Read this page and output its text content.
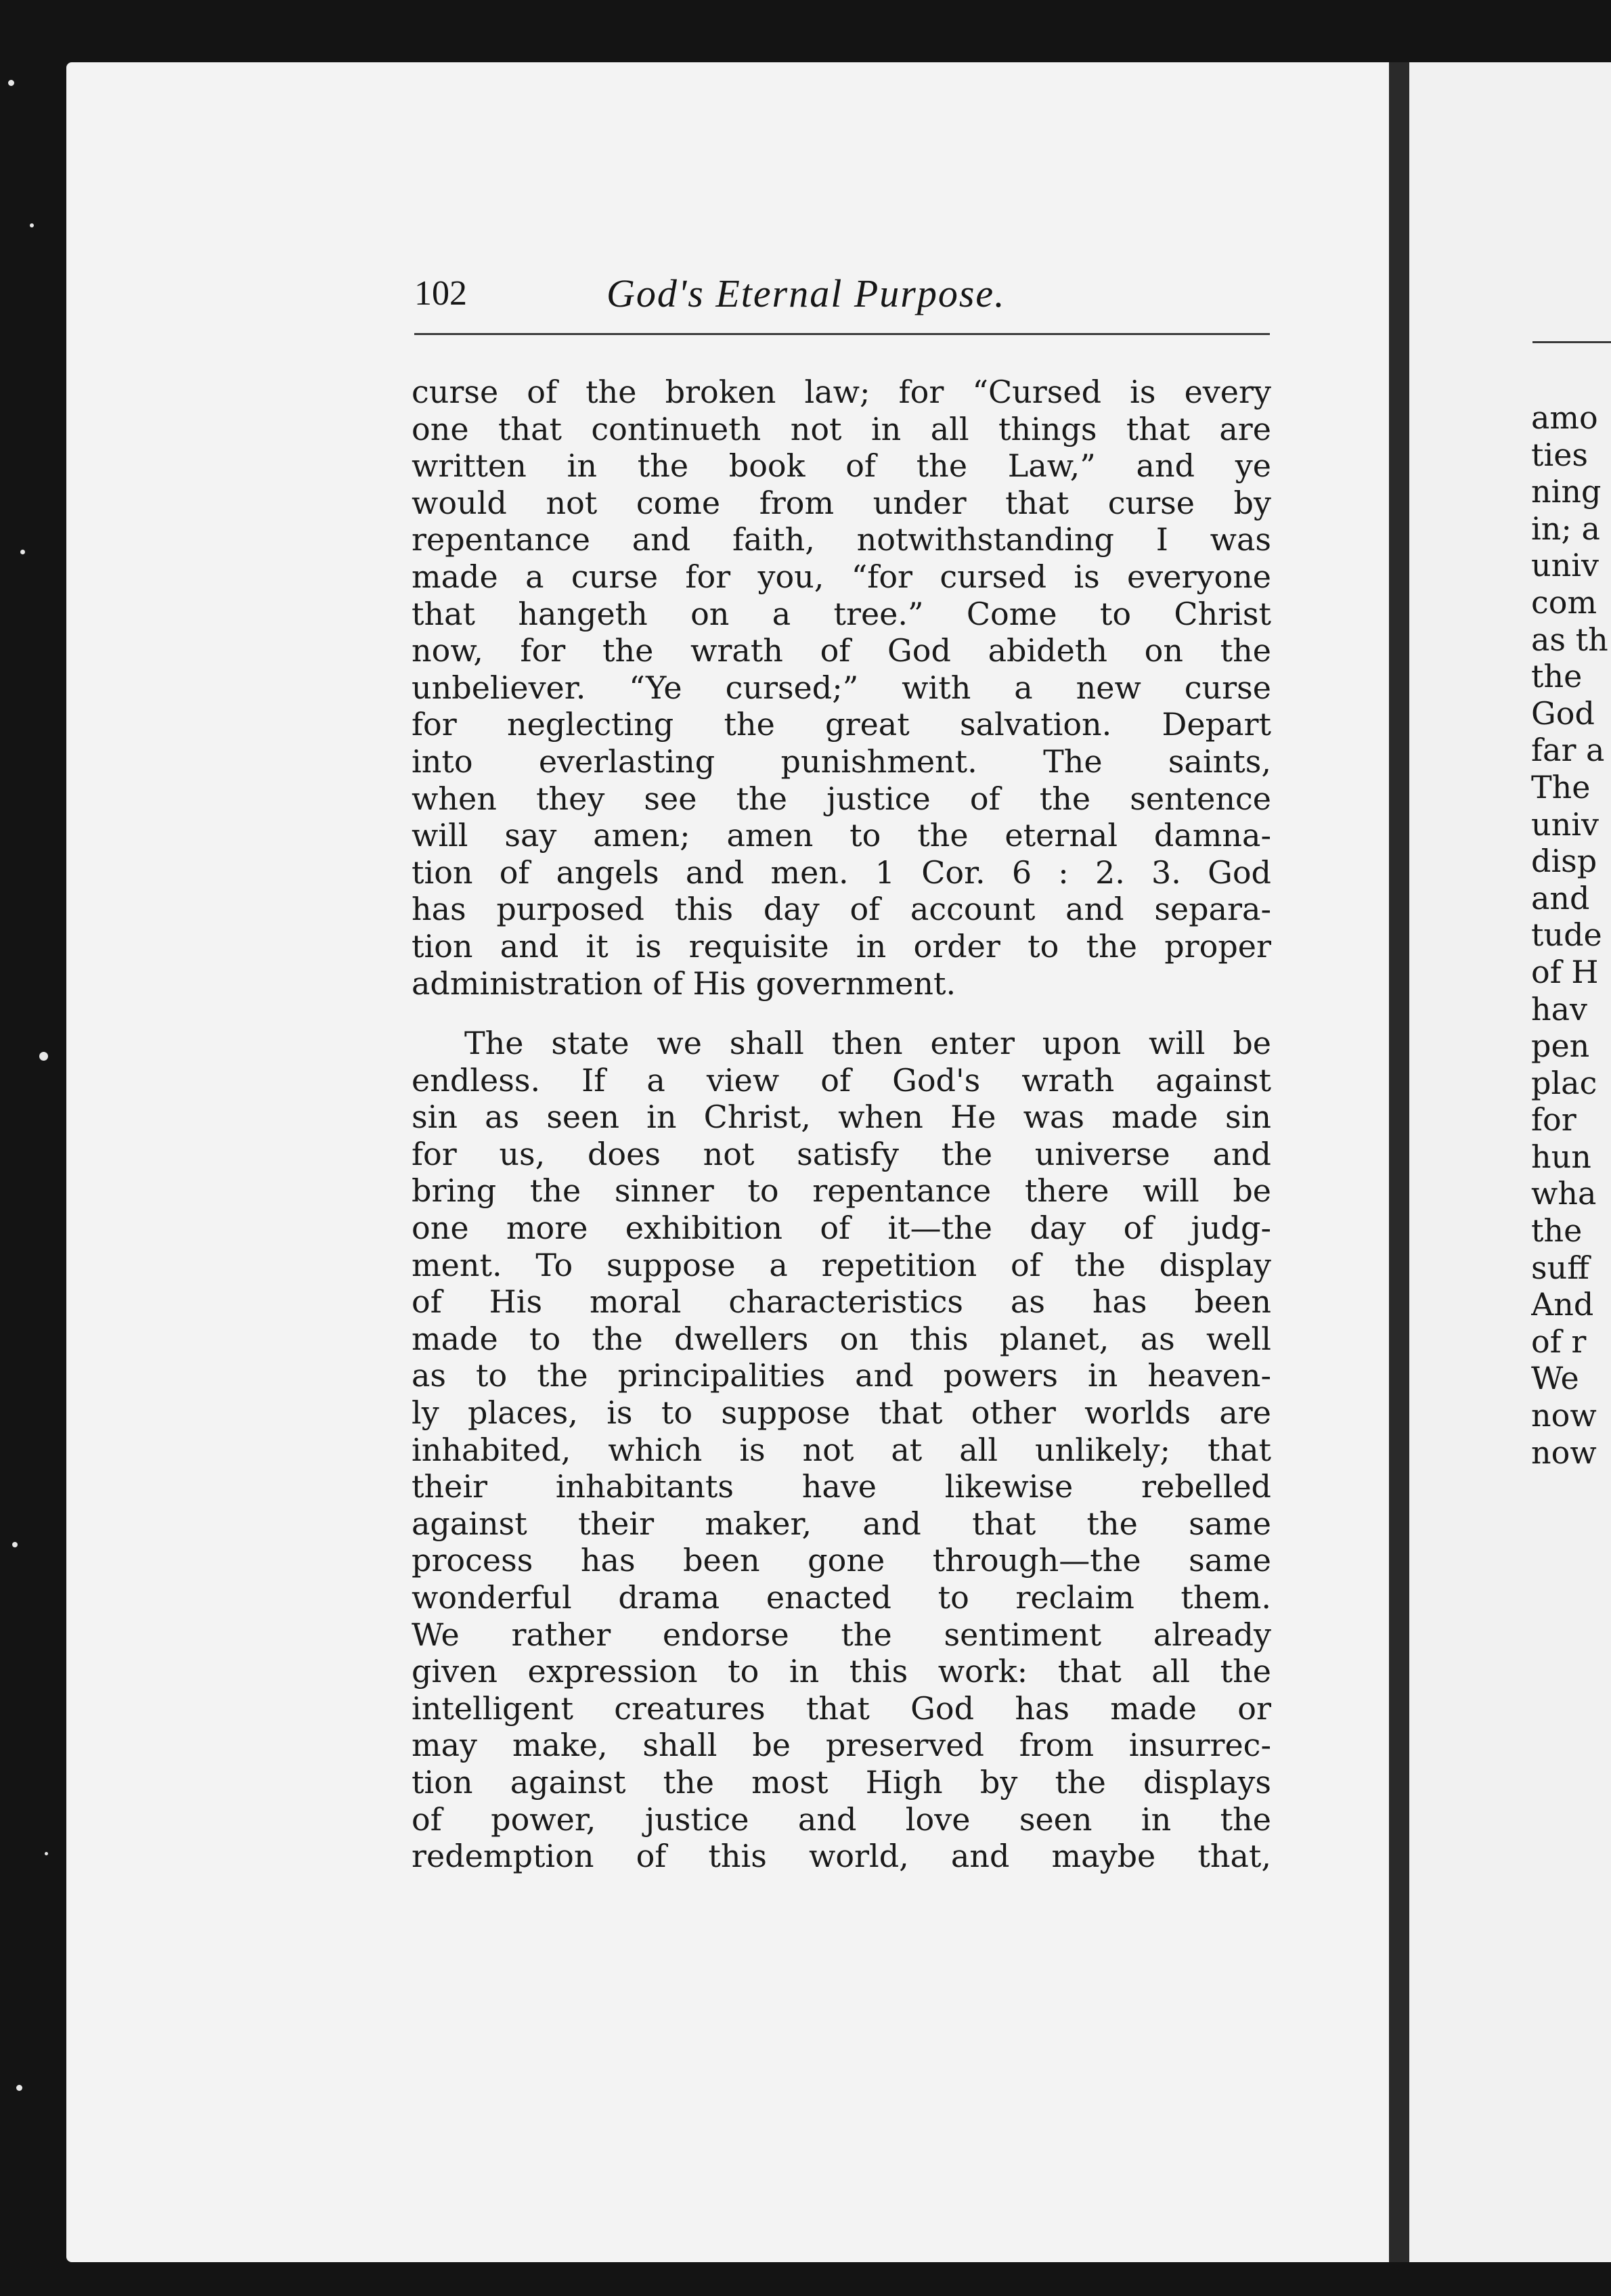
102	God's Eternal Purpose.
curse of the broken law; for “Cursed is every
one that continueth not in all things that are
written in the book of the Law,” and ye
would not come from under that curse by
repentance and faith, notwithstanding I was
made a curse for you, “for cursed is everyone
that hangeth on a tree.” Come to Christ
now, for the wrath of God abideth on the
unbeliever. “Ye cursed;” with a new curse
for neglecting the great salvation. Depart
into everlasting punishment. The saints,
when they see the justice of the sentence
will say amen; amen to the eternal damna-
tion of angels and men. 1 Cor. 6 : 2. 3. God
has purposed this day of account and separa-
tion and it is requisite in order to the proper
administration of His government.
The state we shall then enter upon will be
endless. If a view of God's wrath against
sin as seen in Christ, when He was made sin
for us, does not satisfy the universe and
bring the sinner to repentance there will be
one more exhibition of it—the day of judg-
ment. To suppose a repetition of the display
of His moral characteristics as has been
made to the dwellers on this planet, as well
as to the principalities and powers in heaven-
ly places, is to suppose that other worlds are
inhabited, which is not at all unlikely; that
their inhabitants have likewise rebelled
against their maker, and that the same
process has been gone through—the same
wonderful drama enacted to reclaim them.
We rather endorse the sentiment already
given expression to in this work: that all the
intelligent creatures that God has made or
may make, shall be preserved from insurrec-
tion against the most High by the displays
of power, justice and love seen in the
redemption of this world, and maybe that,
amo
ties
ning
in; a
univ
com
as th
the
God
far a
The
univ
disp
and
tude
of H
hav
pen
plac
for
hun
wha
the
suff
And
of r
We
now
now
